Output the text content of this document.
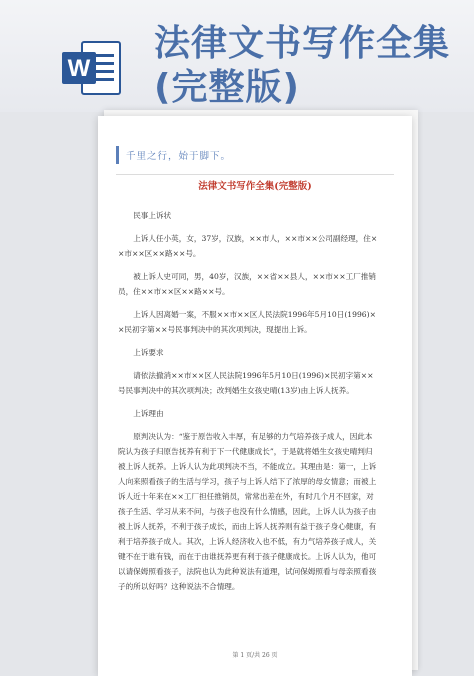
W
法律文书写作全集
(完整版)
千里之行，始于脚下。
法律文书写作全集(完整版)

民事上诉状

上诉人任小英，女，37岁，汉族，××市人，××市××公司副经理，住××市××区××路××号。

被上诉人史可同，男，40岁，汉族，××省××县人，××市××工厂推销员，住××市××区××路××号。

上诉人因离婚一案，不服××市××区人民法院1996年5月10日(1996)××民初字第××号民事判决中的其次项判决，现提出上诉。

上诉要求

请依法撤消××市××区人民法院1996年5月10日(1996)×民初字第××号民事判决中的其次项判决；改判婚生女孩史晴(13岁)由上诉人抚养。

上诉理由

原判决认为：“鉴于原告收入丰厚，有足够的力气培养孩子成人，因此本院认为孩子归原告抚养有利于下一代健康成长”，于是就将婚生女孩史晴判归被上诉人抚养。上诉人认为此项判决不当，不能成立。其理由是：第一，上诉人向来照看孩子的生活与学习，孩子与上诉人结下了浓厚的母女情意；而被上诉人近十年来在××工厂担任推销员，常常出差在外，有时几个月不回家，对孩子生活、学习从来不问，与孩子也没有什么情感，因此，上诉人认为孩子由被上诉人抚养，不利于孩子成长，而由上诉人抚养则有益于孩子身心健康，有利于培养孩子成人。其次，上诉人经济收入也不低，有力气培养孩子成人，关键不在于谁有钱，而在于由谁抚养更有利于孩子健康成长。上诉人认为，他可以请保姆照看孩子，法院也认为此种说法有道理，试问保姆照看与母亲照看孩子的所以好吗？这种说法不合情理。

第 1 页/共 26 页
